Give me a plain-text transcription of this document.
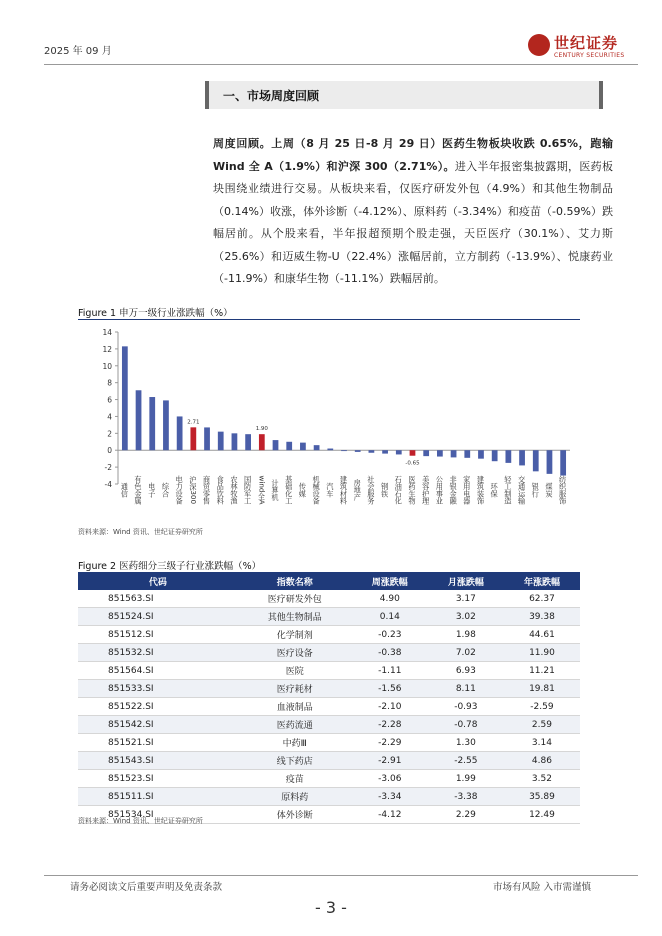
2025 年 09 月	世纪证券
CENTURY SECURITIES
一、市场周度回顾
周度回顾。上周（8 月 25 日-8 月 29 日）医药生物板块收跌 0.65%，跑输 Wind 全 A（1.9%）和沪深 300（2.71%）。进入半年报密集披露期，医药板块围绕业绩进行交易。从板块来看，仅医疗研发外包（4.9%）和其他生物制品（0.14%）收涨，体外诊断（-4.12%）、原料药（-3.34%）和疫苗（-0.59%）跌幅居前。从个股来看，半年报超预期个股走强，天臣医疗（30.1%）、艾力斯（25.6%）和迈威生物-U（22.4%）涨幅居前，立方制药（-13.9%）、悦康药业（-11.9%）和康华生物（-11.1%）跌幅居前。
Figure 1 申万一级行业涨跌幅（%）
-4
-2
0
2
4
6
8
10
12
14
通信 有色金属 电子 综合 电力设备
2.71
沪深300 商贸零售 食品饮料 农林牧渔 国防军工
1.90
wind全A 计算机 基础化工 传媒 机械设备 汽车 建筑材料 房地产 社会服务 钢铁 石油石化
-0.65
医药生物 美容护理 公用事业 非银金融 家用电器 建筑装饰 环保 轻工制造 交通运输 银行 煤炭 纺织服饰
资料来源：Wind 资讯、世纪证券研究所
Figure 2 医药细分三级子行业涨跌幅（%）
代码	指数名称	周涨跌幅	月涨跌幅	年涨跌幅
851563.SI	医疗研发外包	4.90	3.17	62.37
851524.SI	其他生物制品	0.14	3.02	39.38
851512.SI	化学制剂	-0.23	1.98	44.61
851532.SI	医疗设备	-0.38	7.02	11.90
851564.SI	医院	-1.11	6.93	11.21
851533.SI	医疗耗材	-1.56	8.11	19.81
851522.SI	血液制品	-2.10	-0.93	-2.59
851542.SI	医药流通	-2.28	-0.78	2.59
851521.SI	中药Ⅲ	-2.29	1.30	3.14
851543.SI	线下药店	-2.91	-2.55	4.86
851523.SI	疫苗	-3.06	1.99	3.52
851511.SI	原料药	-3.34	-3.38	35.89
851534.SI	体外诊断	-4.12	2.29	12.49
资料来源：Wind 资讯、世纪证券研究所
请务必阅读文后重要声明及免责条款	市场有风险 入市需谨慎
- 3 -
